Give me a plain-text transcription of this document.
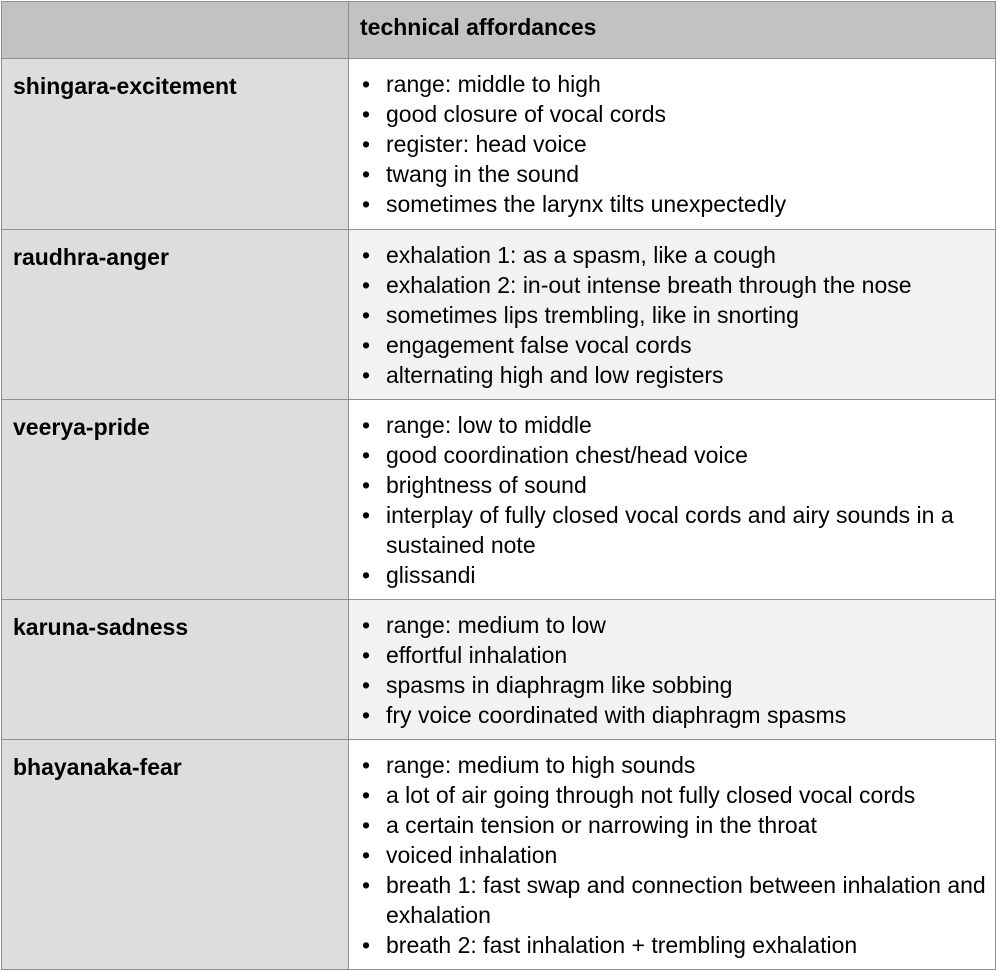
technical affordances
shingara-excitement	• range: middle to high
• good closure of vocal cords
• register: head voice
• twang in the sound
• sometimes the larynx tilts unexpectedly
raudhra-anger	• exhalation 1: as a spasm, like a cough
• exhalation 2: in-out intense breath through the nose
• sometimes lips trembling, like in snorting
• engagement false vocal cords
• alternating high and low registers
veerya-pride	• range: low to middle
• good coordination chest/head voice
• brightness of sound
• interplay of fully closed vocal cords and airy sounds in a sustained note
• glissandi
karuna-sadness	• range: medium to low
• effortful inhalation
• spasms in diaphragm like sobbing
• fry voice coordinated with diaphragm spasms
bhayanaka-fear	• range: medium to high sounds
• a lot of air going through not fully closed vocal cords
• a certain tension or narrowing in the throat
• voiced inhalation
• breath 1: fast swap and connection between inhalation and exhalation
• breath 2: fast inhalation + trembling exhalation
